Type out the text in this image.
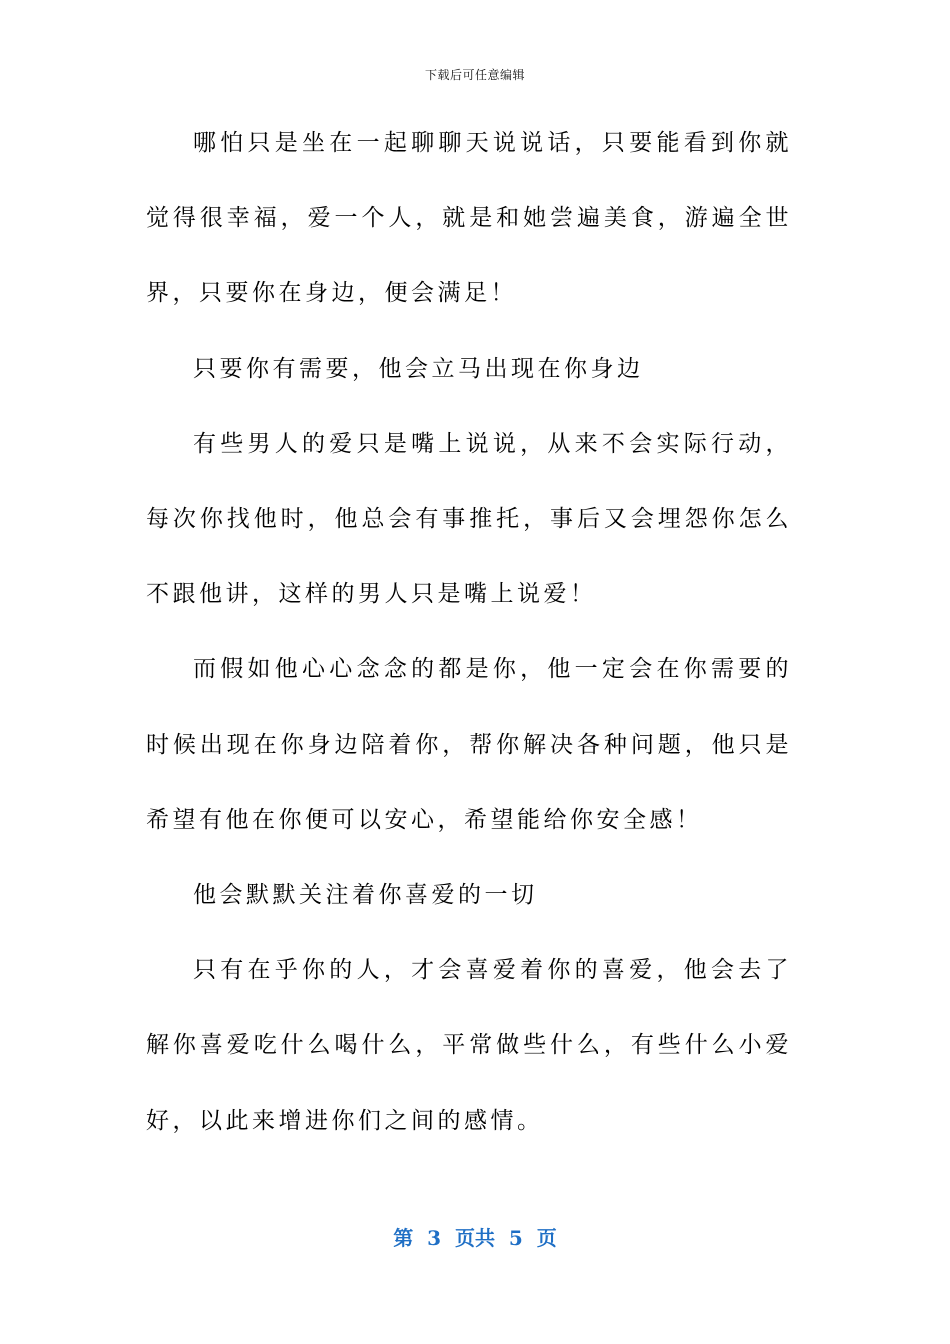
下载后可任意编辑

哪怕只是坐在一起聊聊天说说话，只要能看到你就觉得很幸福，爱一个人，就是和她尝遍美食，游遍全世界，只要你在身边，便会满足！

只要你有需要，他会立马出现在你身边

有些男人的爱只是嘴上说说，从来不会实际行动，每次你找他时，他总会有事推托，事后又会埋怨你怎么不跟他讲，这样的男人只是嘴上说爱！

而假如他心心念念的都是你，他一定会在你需要的时候出现在你身边陪着你，帮你解决各种问题，他只是希望有他在你便可以安心，希望能给你安全感！

他会默默关注着你喜爱的一切

只有在乎你的人，才会喜爱着你的喜爱，他会去了解你喜爱吃什么喝什么，平常做些什么，有些什么小爱好，以此来增进你们之间的感情。

第  3  页共  5  页
